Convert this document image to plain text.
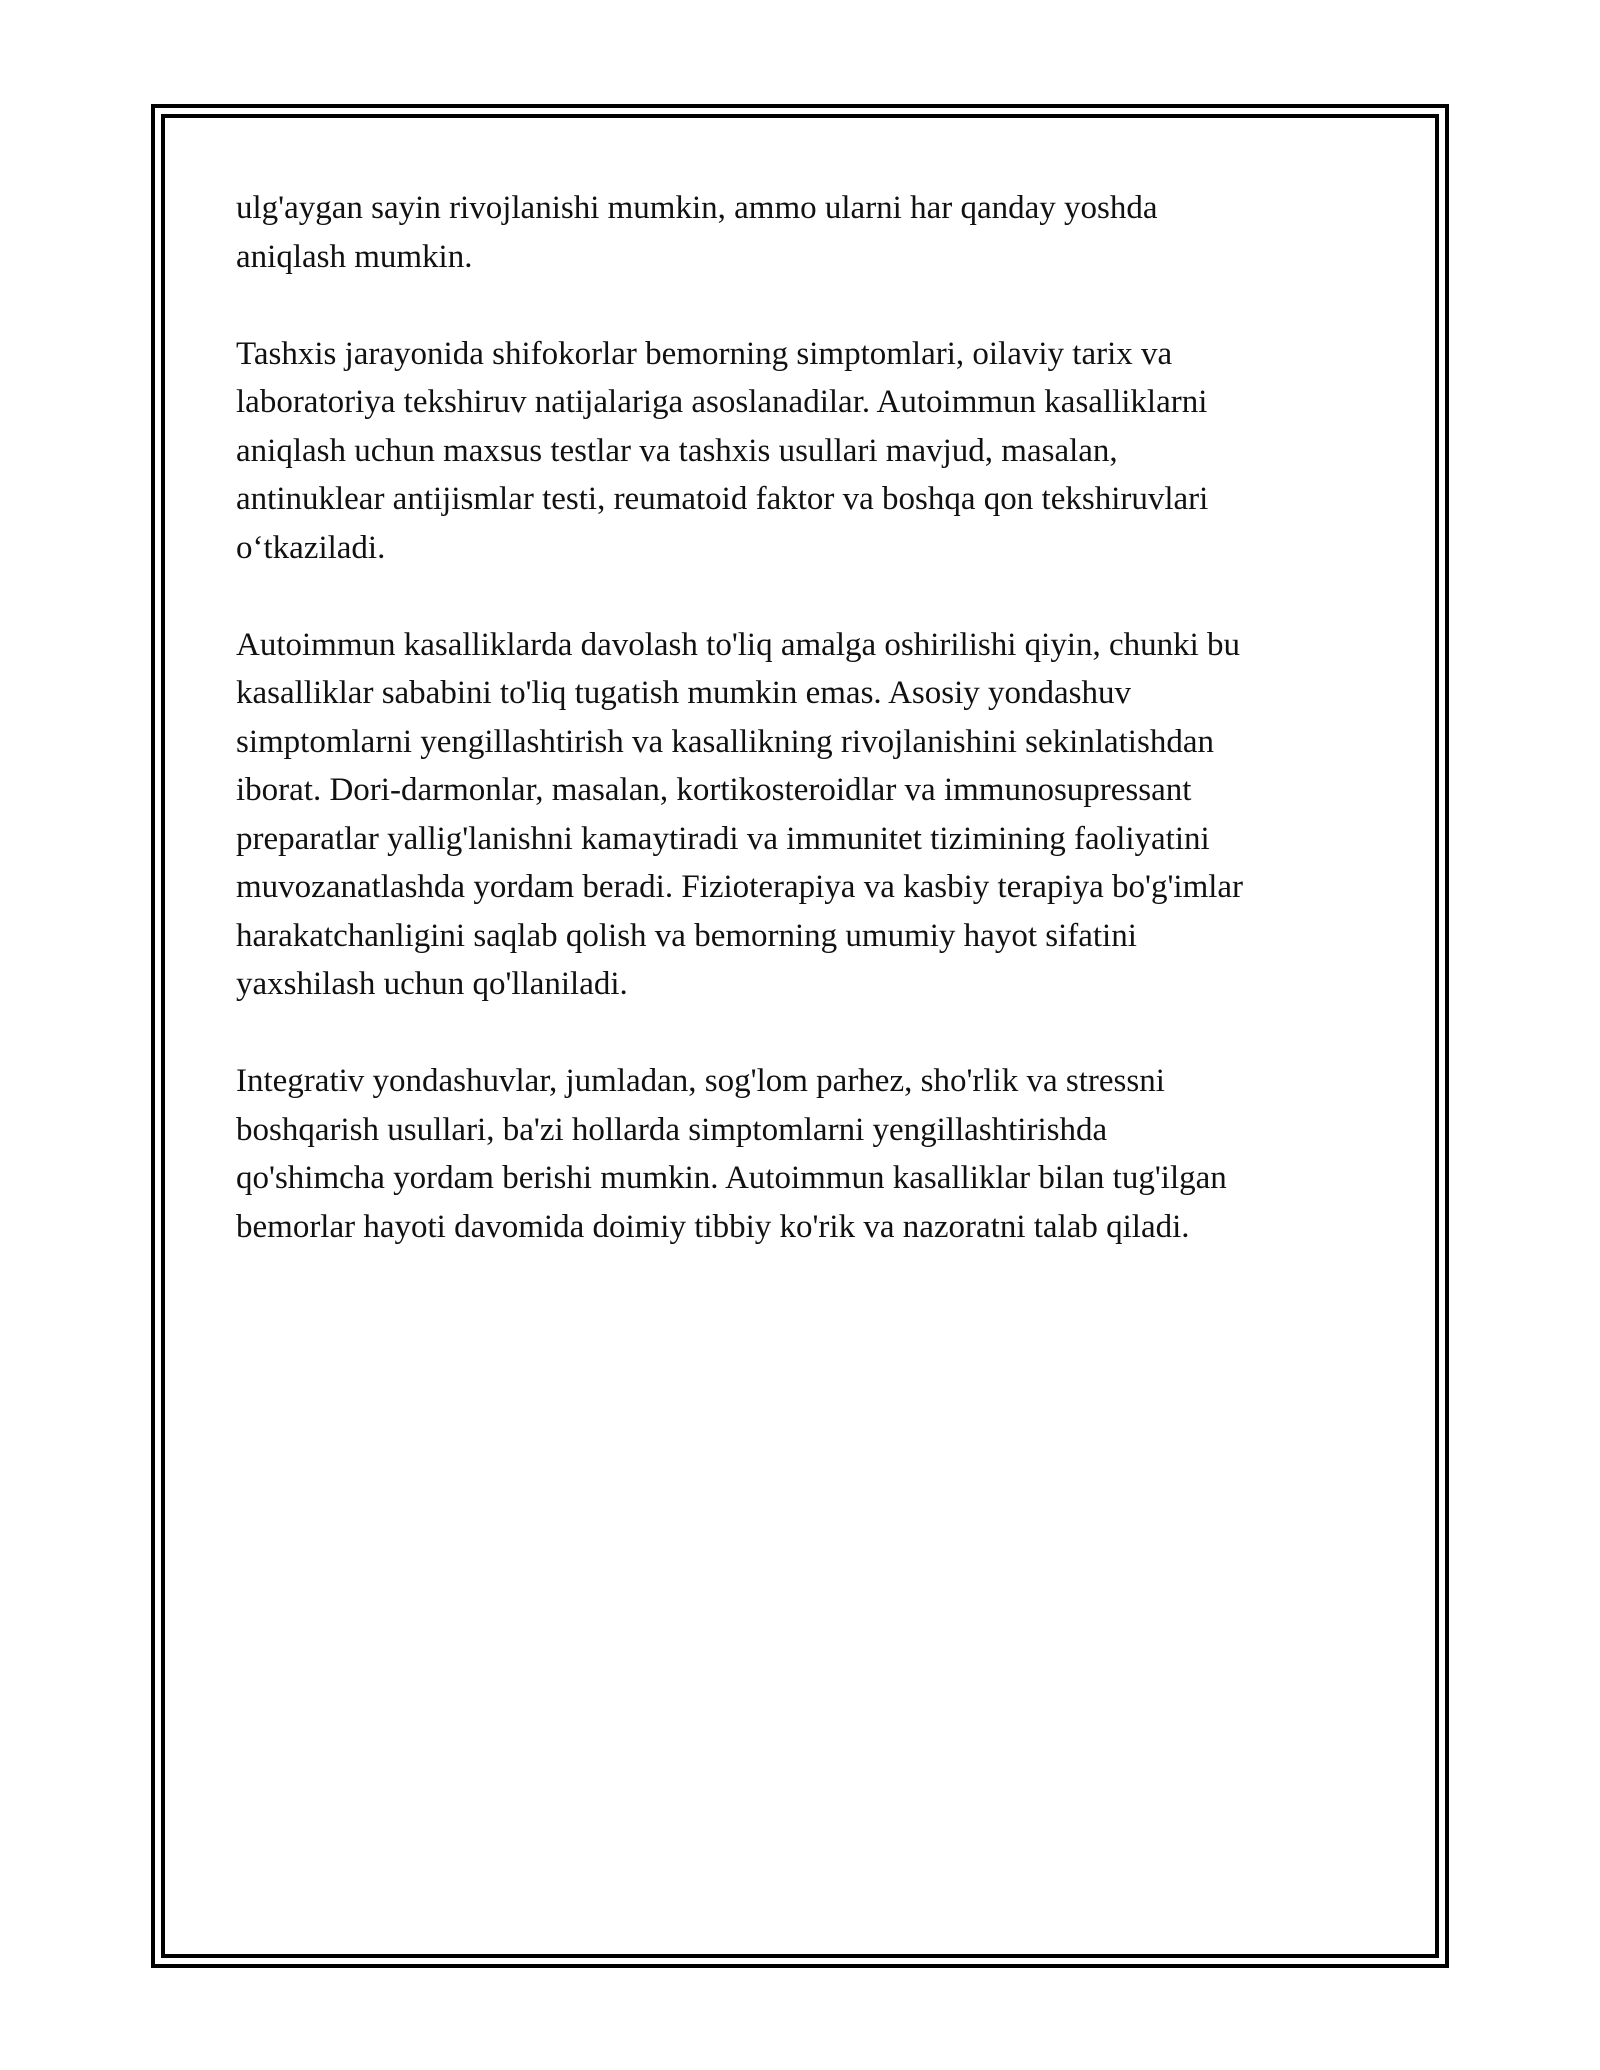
ulg'aygan sayin rivojlanishi mumkin, ammo ularni har qanday yoshda
aniqlash mumkin.

Tashxis jarayonida shifokorlar bemorning simptomlari, oilaviy tarix va
laboratoriya tekshiruv natijalariga asoslanadilar. Autoimmun kasalliklarni
aniqlash uchun maxsus testlar va tashxis usullari mavjud, masalan,
antinuklear antijismlar testi, reumatoid faktor va boshqa qon tekshiruvlari
o‘tkaziladi.

Autoimmun kasalliklarda davolash to'liq amalga oshirilishi qiyin, chunki bu
kasalliklar sababini to'liq tugatish mumkin emas. Asosiy yondashuv
simptomlarni yengillashtirish va kasallikning rivojlanishini sekinlatishdan
iborat. Dori-darmonlar, masalan, kortikosteroidlar va immunosupressant
preparatlar yallig'lanishni kamaytiradi va immunitet tizimining faoliyatini
muvozanatlashda yordam beradi. Fizioterapiya va kasbiy terapiya bo'g'imlar
harakatchanligini saqlab qolish va bemorning umumiy hayot sifatini
yaxshilash uchun qo'llaniladi.

Integrativ yondashuvlar, jumladan, sog'lom parhez, sho'rlik va stressni
boshqarish usullari, ba'zi hollarda simptomlarni yengillashtirishda
qo'shimcha yordam berishi mumkin. Autoimmun kasalliklar bilan tug'ilgan
bemorlar hayoti davomida doimiy tibbiy ko'rik va nazoratni talab qiladi.
